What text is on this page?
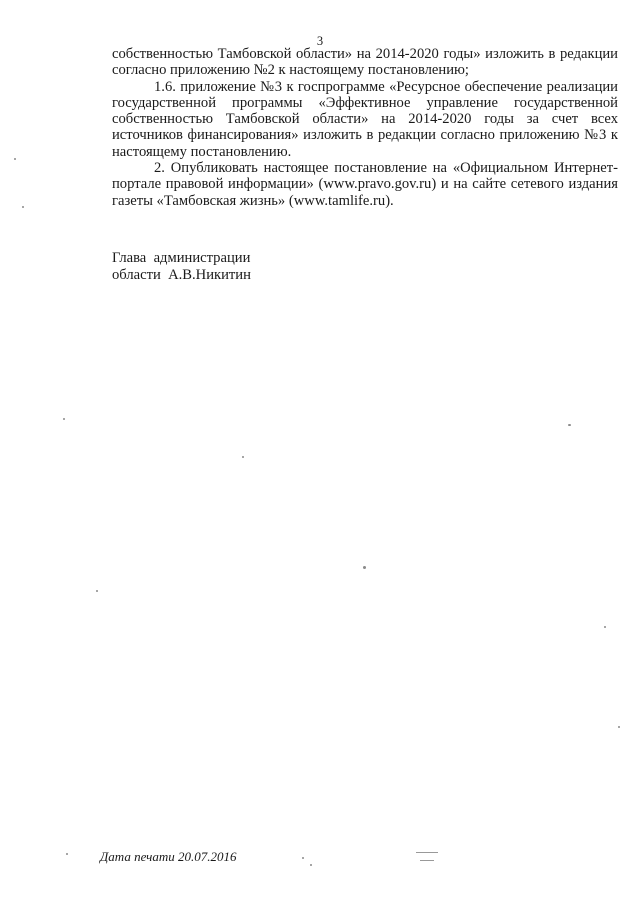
3

собственностью Тамбовской области» на 2014-2020 годы» изложить в редакции согласно приложению №2 к настоящему постановлению;

1.6. приложение №3 к госпрограмме «Ресурсное обеспечение реализации государственной программы «Эффективное управление государственной собственностью Тамбовской области» на 2014-2020 годы за счет всех источников финансирования» изложить в редакции согласно приложению №3 к настоящему постановлению.

2. Опубликовать настоящее постановление на «Официальном Интернет-портале правовой информации» (www.pravo.gov.ru) и на сайте сетевого издания газеты «Тамбовская жизнь» (www.tamlife.ru).

Глава  администрации
области  А.В.Никитин
Дата печати 20.07.2016
